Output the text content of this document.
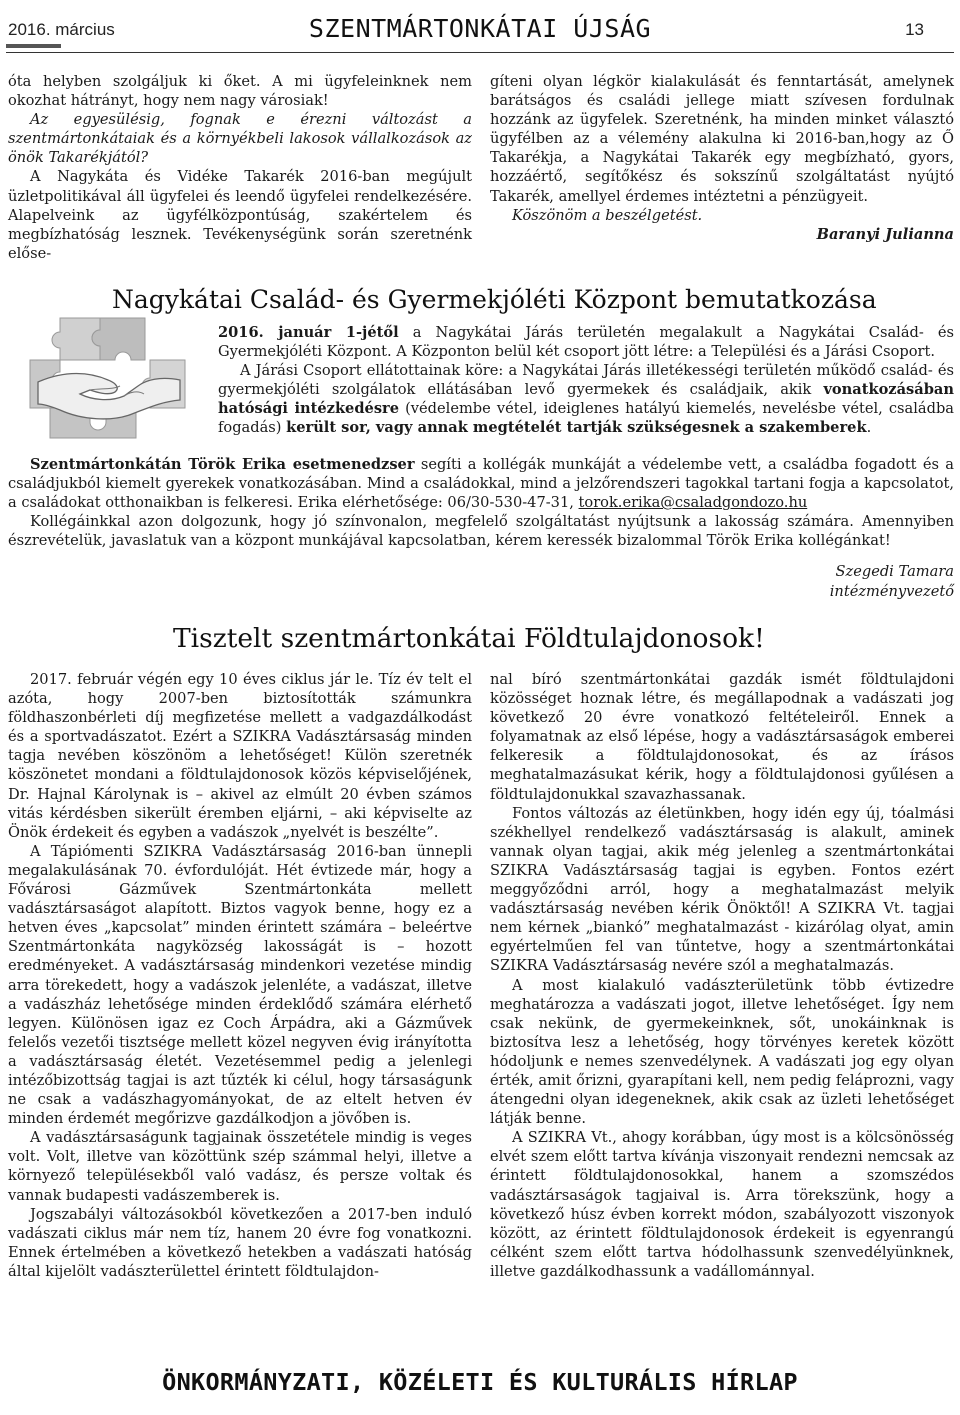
2016. március	SZENTMÁRTONKÁTAI ÚJSÁG	13

óta helyben szolgáljuk ki őket. A mi ügyfeleinknek nem okozhat hátrányt, hogy nem nagy városiak!

Az egyesülésig, fognak e érezni változást a szentmártonkátaiak és a környékbeli lakosok vállalkozások az önök Takarékjától?

A Nagykáta és Vidéke Takarék 2016-ban megújult üzletpolitikával áll ügyfelei és leendő ügyfelei rendelkezésére. Alapelveink az ügyfélközpontúság, szakértelem és megbízhatóság lesznek. Tevékenységünk során szeretnénk előse-

gíteni olyan légkör kialakulását és fenntartását, amelynek barátságos és családi jellege miatt szívesen fordulnak hozzánk az ügyfelek. Szeretnénk, ha minden minket választó ügyfélben az a vélemény alakulna ki 2016-ban,hogy az Ő Takarékja, a Nagykátai Takarék egy megbízható, gyors, hozzáértő, segítőkész és sokszínű szolgáltatást nyújtó Takarék, amellyel érdemes intéztetni a pénzügyeit.

Köszönöm a beszélgetést.

Baranyi Julianna

Nagykátai Család- és Gyermekjóléti Központ bemutatkozása

2016. január 1-jétől a Nagykátai Járás területén megalakult a Nagykátai Család- és Gyermekjóléti Központ. A Központon belül két csoport jött létre: a Települési és a Járási Csoport.

A Járási Csoport ellátottainak köre: a Nagykátai Járás illetékességi területén működő család- és gyermekjóléti szolgálatok ellátásában levő gyermekek és családjaik, akik vonatkozásában hatósági intézkedésre (védelembe vétel, ideiglenes hatályú kiemelés, nevelésbe vétel, családba fogadás) került sor, vagy annak megtételét tartják szükségesnek a szakemberek.

Szentmártonkátán Török Erika esetmenedzser segíti a kollégák munkáját a védelembe vett, a családba fogadott és a családjukból kiemelt gyerekek vonatkozásában. Mind a családokkal, mind a jelzőrendszeri tagokkal tartani fogja a kapcsolatot, a családokat otthonaikban is felkeresi. Erika elérhetősége: 06/30-530-47-31, torok.erika@csaladgondozo.hu

Kollégáinkkal azon dolgozunk, hogy jó színvonalon, megfelelő szolgáltatást nyújtsunk a lakosság számára. Amennyiben észrevételük, javaslatuk van a központ munkájával kapcsolatban, kérem keressék bizalommal Török Erika kollégánkat!

Szegedi Tamara

intézményvezető

Tisztelt szentmártonkátai Földtulajdonosok!

2017. február végén egy 10 éves ciklus jár le. Tíz év telt el azóta, hogy 2007-ben biztosították számunkra földhaszonbérleti díj megfizetése mellett a vadgazdálkodást és a sportvadászatot. Ezért a SZIKRA Vadásztársaság minden tagja nevében köszönöm a lehetőséget! Külön szeretnék köszönetet mondani a földtulajdonosok közös képviselőjének, Dr. Hajnal Károlynak is – akivel az elmúlt 20 évben számos vitás kérdésben sikerült éremben eljárni, – aki képviselte az Önök érdekeit és egyben a vadászok „nyelvét is beszélte”.

A Tápiómenti SZIKRA Vadásztársaság 2016-ban ünnepli megalakulásának 70. évfordulóját. Hét évtizede már, hogy a Fővárosi Gázművek Szentmártonkáta mellett vadásztársaságot alapított. Biztos vagyok benne, hogy ez a hetven éves „kapcsolat” minden érintett számára – beleértve Szentmártonkáta nagyközség lakosságát is – hozott eredményeket. A vadásztársaság mindenkori vezetése mindig arra törekedett, hogy a vadászok jelenléte, a vadászat, illetve a vadászház lehetősége minden érdeklődő számára elérhető legyen. Különösen igaz ez Coch Árpádra, aki a Gázművek felelős vezetői tisztsége mellett közel negyven évig irányította a vadásztársaság életét. Vezetésemmel pedig a jelenlegi intézőbizottság tagjai is azt tűzték ki célul, hogy társaságunk ne csak a vadászhagyományokat, de az eltelt hetven év minden érdemét megőrizve gazdálkodjon a jövőben is.

A vadásztársaságunk tagjainak összetétele mindig is veges volt. Volt, illetve van közöttünk szép számmal helyi, illetve a környező településekből való vadász, és persze voltak és vannak budapesti vadászemberek is.

Jogszabályi változásokból következően a 2017-ben induló vadászati ciklus már nem tíz, hanem 20 évre fog vonatkozni. Ennek értelmében a következő hetekben a vadászati hatóság által kijelölt vadászterülettel érintett földtulajdon-

nal bíró szentmártonkátai gazdák ismét földtulajdoni közösséget hoznak létre, és megállapodnak a vadászati jog következő 20 évre vonatkozó feltételeiről. Ennek a folyamatnak az első lépése, hogy a vadásztársaságok emberei felkeresik a földtulajdonosokat, és az írásos meghatalmazásukat kérik, hogy a földtulajdonosi gyűlésen a földtulajdonukkal szavazhassanak.

Fontos változás az életünkben, hogy idén egy új, tóalmási székhellyel rendelkező vadásztársaság is alakult, aminek vannak olyan tagjai, akik még jelenleg a szentmártonkátai SZIKRA Vadásztársaság tagjai is egyben. Fontos ezért meggyőződni arról, hogy a meghatalmazást melyik vadásztársaság nevében kérik Önöktől! A SZIKRA Vt. tagjai nem kérnek „biankó” meghatalmazást - kizárólag olyat, amin egyértelműen fel van tűntetve, hogy a szentmártonkátai SZIKRA Vadásztársaság nevére szól a meghatalmazás.

A most kialakuló vadászterületünk több évtizedre meghatározza a vadászati jogot, illetve lehetőséget. Így nem csak nekünk, de gyermekeinknek, sőt, unokáinknak is biztosítva lesz a lehetőség, hogy törvényes keretek között hódoljunk e nemes szenvedélynek. A vadászati jog egy olyan érték, amit őrizni, gyarapítani kell, nem pedig feláprozni, vagy átengedni olyan idegeneknek, akik csak az üzleti lehetőséget látják benne.

A SZIKRA Vt., ahogy korábban, úgy most is a kölcsönösség elvét szem előtt tartva kívánja viszonyait rendezni nemcsak az érintett földtulajdonosokkal, hanem a szomszédos vadásztársaságok tagjaival is. Arra törekszünk, hogy a következő húsz évben korrekt módon, szabályozott viszonyok között, az érintett földtulajdonosok érdekeit is egyenrangú célként szem előtt tartva hódolhassunk szenvedélyünknek, illetve gazdálkodhassunk a vadállománnyal.

ÖNKORMÁNYZATI, KÖZÉLETI ÉS KULTURÁLIS HÍRLAP
